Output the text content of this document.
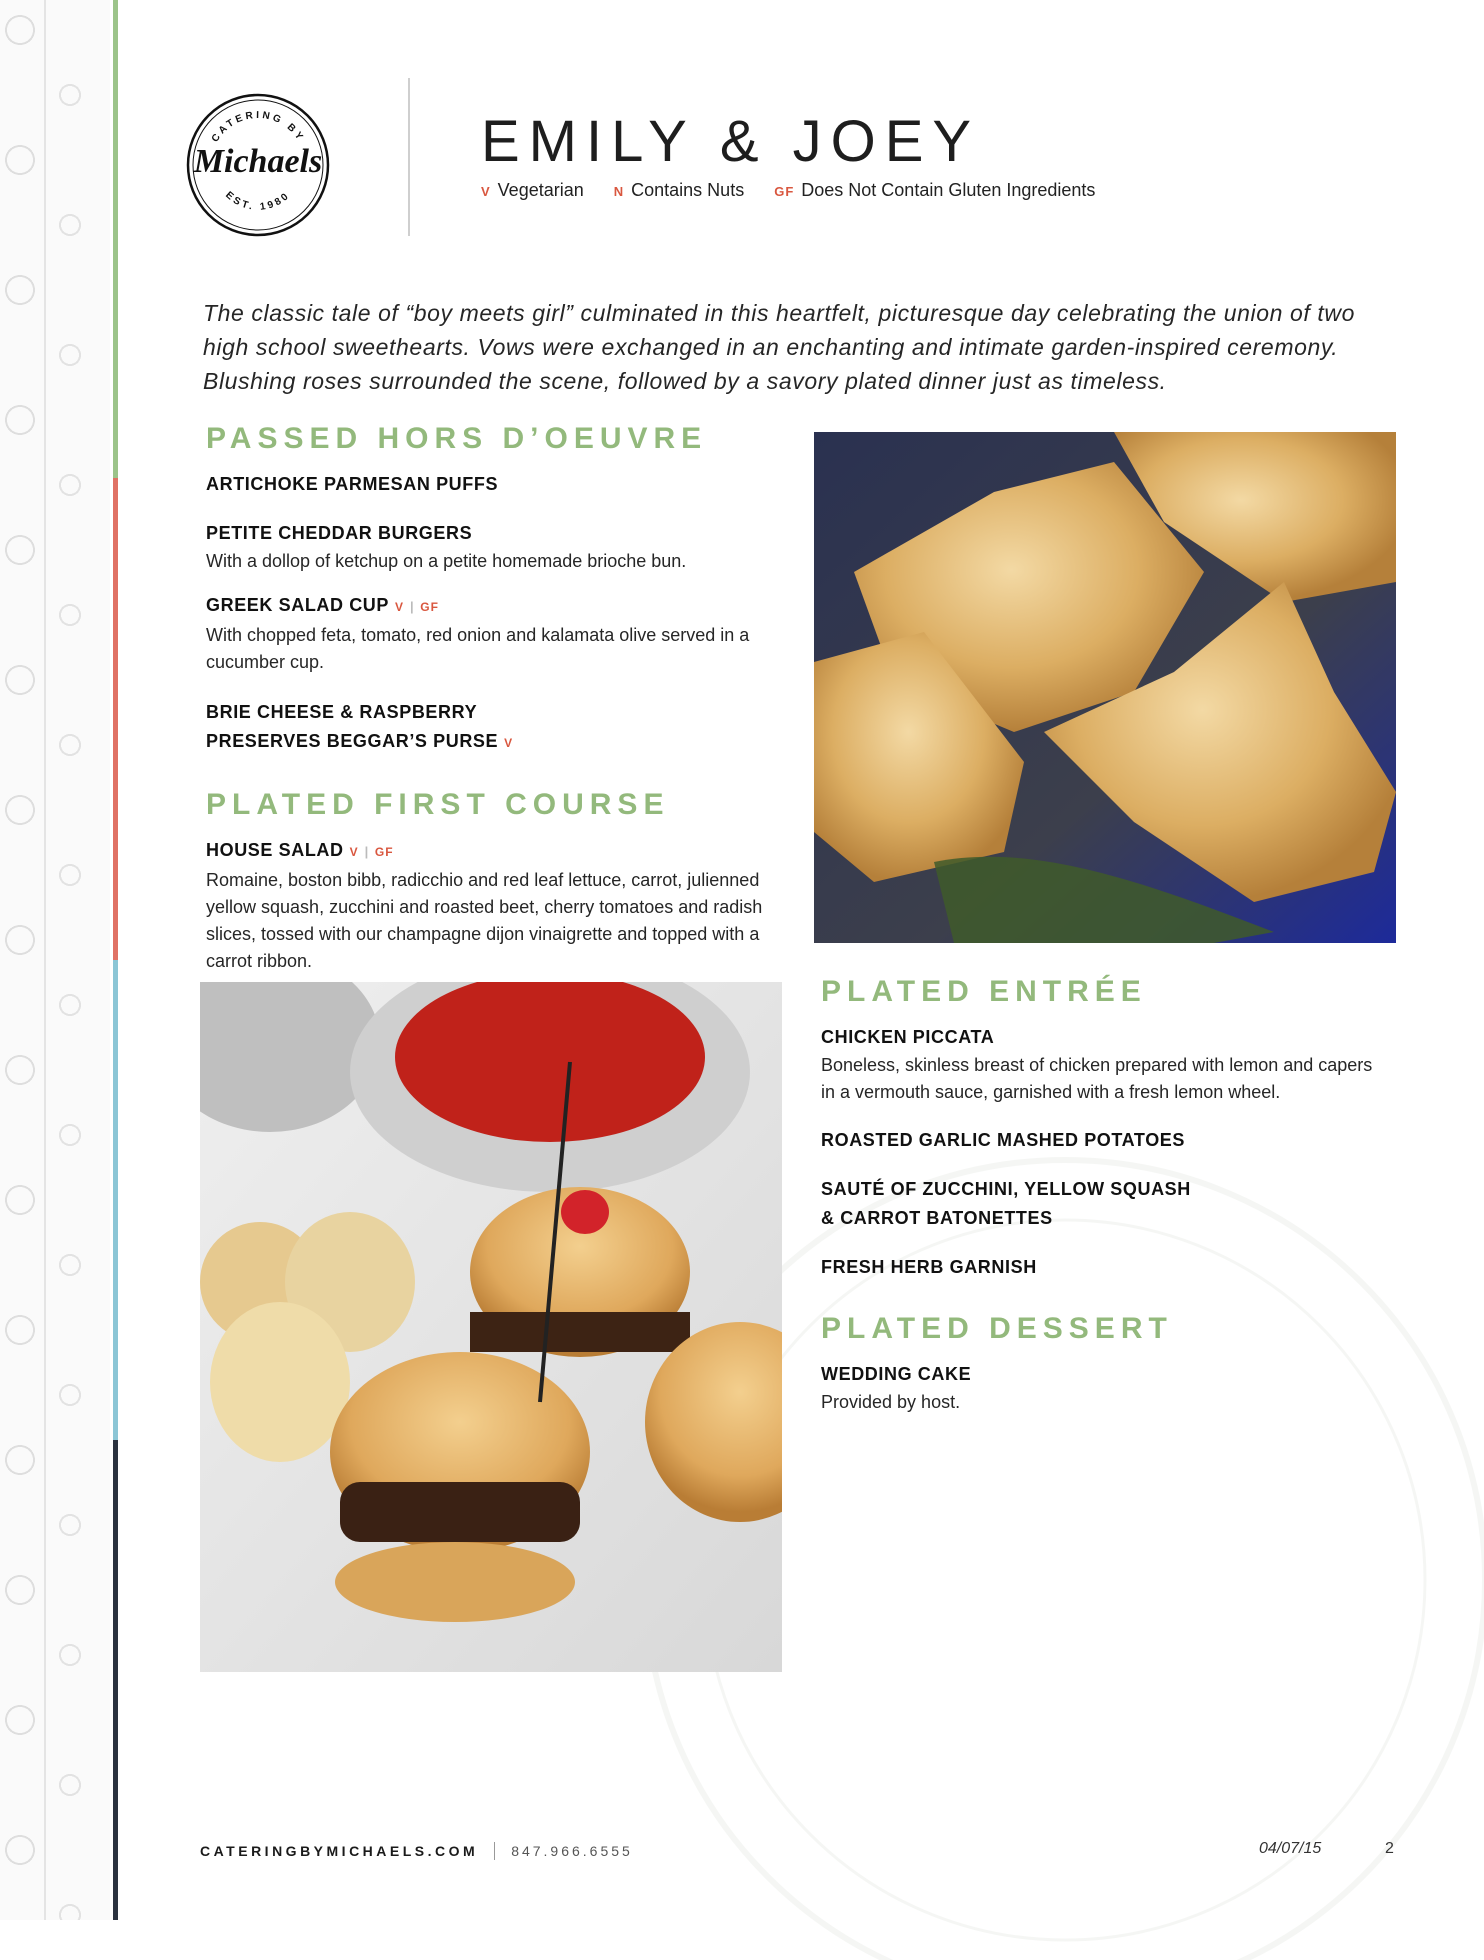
CATERING BY
Michaels
EST. 1980
EMILY & JOEY
V Vegetarian N Contains Nuts GF Does Not Contain Gluten Ingredients

The classic tale of “boy meets girl” culminated in this heartfelt, picturesque day celebrating the union of two high school sweethearts. Vows were exchanged in an enchanting and intimate garden-inspired ceremony. Blushing roses surrounded the scene, followed by a savory plated dinner just as timeless.

PASSED HORS D’OEUVRE
ARTICHOKE PARMESAN PUFFS
PETITE CHEDDAR BURGERS
With a dollop of ketchup on a petite homemade brioche bun.
GREEK SALAD CUP V | GF
With chopped feta, tomato, red onion and kalamata olive served in a cucumber cup.
BRIE CHEESE & RASPBERRY
PRESERVES BEGGAR’S PURSE V
PLATED FIRST COURSE
HOUSE SALAD V | GF
Romaine, boston bibb, radicchio and red leaf lettuce, carrot, julienned yellow squash, zucchini and roasted beet, cherry tomatoes and radish slices, tossed with our champagne dijon vinaigrette and topped with a carrot ribbon.
PLATED ENTRÉE
CHICKEN PICCATA
Boneless, skinless breast of chicken prepared with lemon and capers in a vermouth sauce, garnished with a fresh lemon wheel.
ROASTED GARLIC MASHED POTATOES
SAUTÉ OF ZUCCHINI, YELLOW SQUASH
& CARROT BATONETTES
FRESH HERB GARNISH
PLATED DESSERT
WEDDING CAKE
Provided by host.
CATERINGBYMICHAELS.COM 847.966.6555	04/07/15	2
